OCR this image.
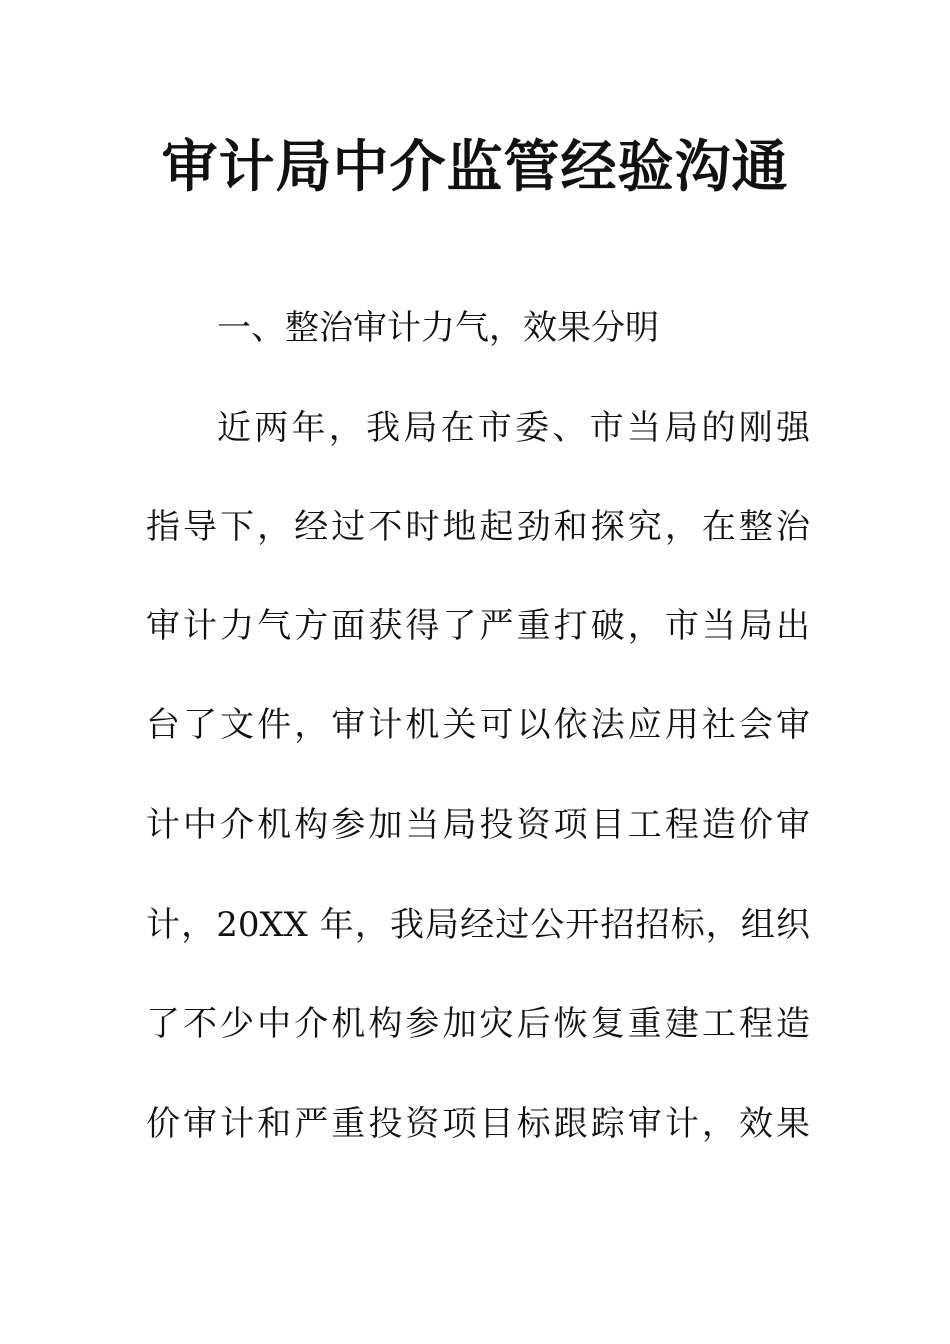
审计局中介监管经验沟通

一、整治审计力气，效果分明

近两年，我局在市委、市当局的刚强

指导下，经过不时地起劲和探究，在整治

审计力气方面获得了严重打破，市当局出

台了文件，审计机关可以依法应用社会审

计中介机构参加当局投资项目工程造价审

计，20XX 年，我局经过公开招招标，组织

了不少中介机构参加灾后恢复重建工程造

价审计和严重投资项目标跟踪审计，效果
